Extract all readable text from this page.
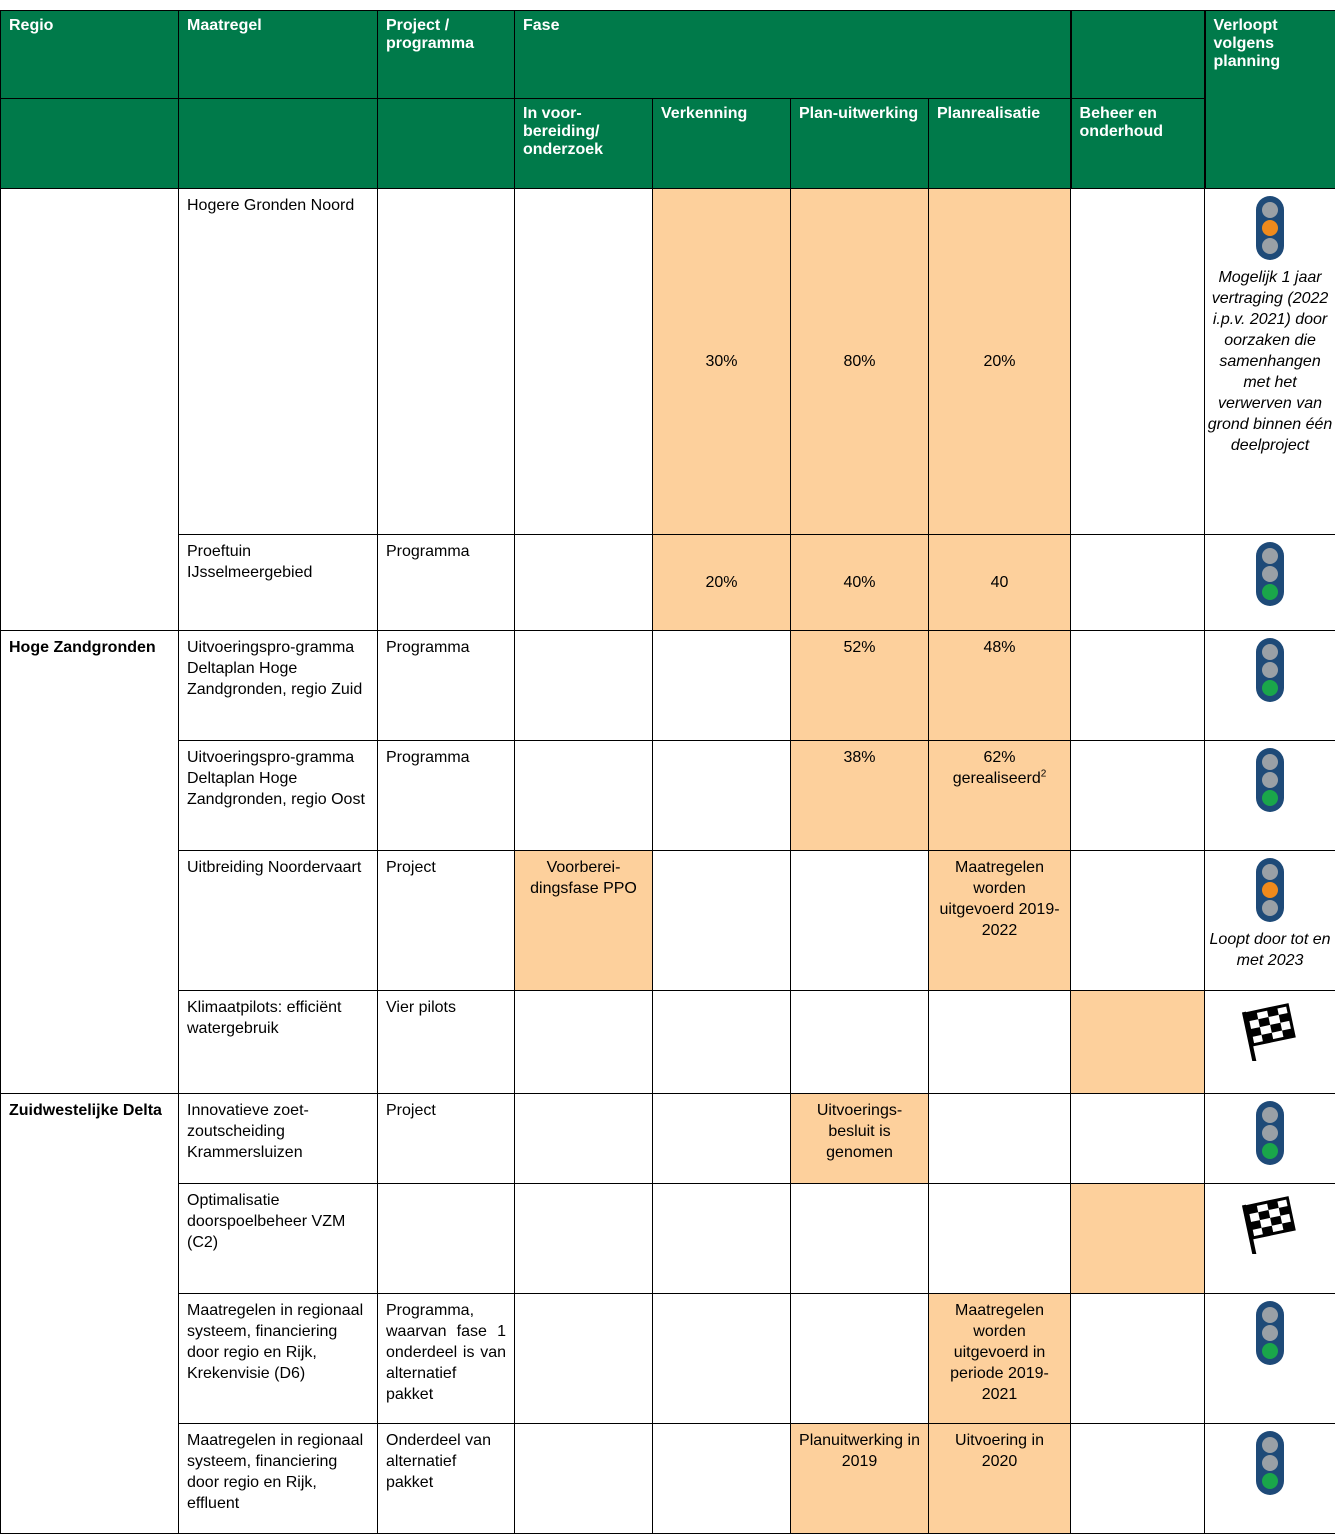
Regio	Maatregel	Project / programma	Fase					Verloopt volgens planning
			In voor-bereiding/ onderzoek	Verkenning	Plan-uitwerking	Planrealisatie	Beheer en onderhoud	
	Hogere Gronden Noord			30%	80%	20%		Mogelijk 1 jaar vertraging (2022 i.p.v. 2021) door oorzaken die samenhangen met het verwerven van grond binnen één deelproject

	Proeftuin IJsselmeergebied	Programma		20%	40%	40		

Hoge Zandgronden	Uitvoeringspro-gramma Deltaplan Hoge Zandgronden, regio Zuid	Programma			52%	48%		

	Uitvoeringspro-gramma Deltaplan Hoge Zandgronden, regio Oost	Programma			38%	62% gerealiseerd$^2$		

	Uitbreiding Noordervaart	Project	Voorberei-dingsfase PPO			Maatregelen worden uitgevoerd 2019-2022		Loopt door tot en met 2023

	Klimaatpilots: efficiënt watergebruik	Vier pilots						

Zuidwestelijke Delta	Innovatieve zoet-zoutscheiding Krammersluizen	Project			Uitvoerings-besluit is genomen			

	Optimalisatie doorspoelbeheer VZM (C2)							

	Maatregelen in regionaal systeem, financiering door regio en Rijk, Krekenvisie (D6)	Programma, waarvan fase 1 onderdeel is van alternatief pakket				Maatregelen worden uitgevoerd in periode 2019-2021		

	Maatregelen in regionaal systeem, financiering door regio en Rijk, effluent	Onderdeel van alternatief pakket			Planuitwerking in 2019	Uitvoering in 2020		
